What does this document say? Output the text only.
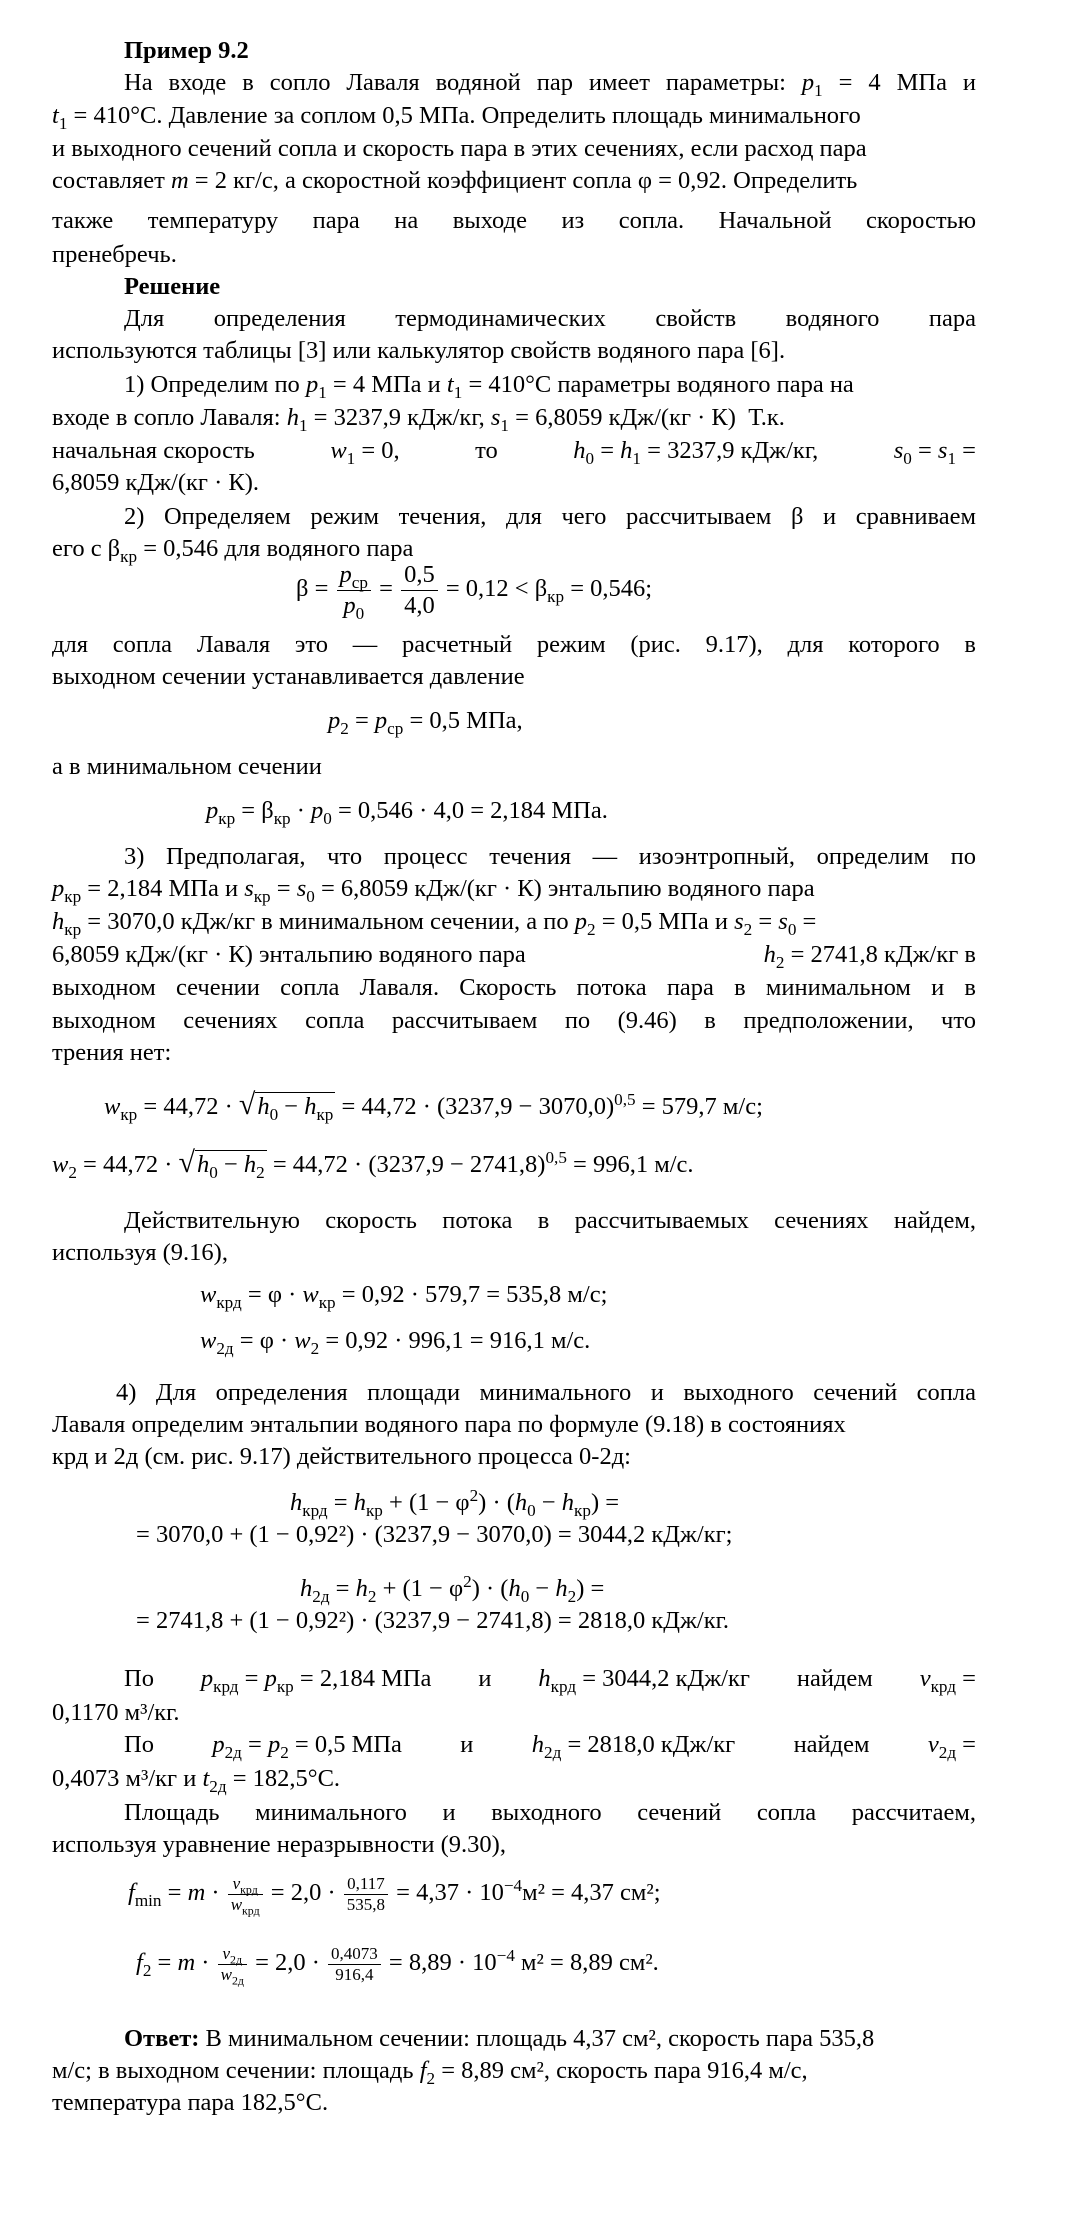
Пример 9.2
На входе в сопло Лаваля водяной пар имеет параметры: $p_1 = 4$ МПа и
$t_1 = 410^\circ С$. Давление за соплом 0,5 МПа. Определить площадь минимального
и выходного сечений сопла и скорость пара в этих сечениях, если расход пара
составляет m = 2 кг/с, а скоростной коэффициент сопла φ = 0,92. Определить
также температуру пара на выходе из сопла. Начальной скоростью
пренебречь.
Решение
Для определения термодинамических свойств водяного пара
используются таблицы [3] или калькулятор свойств водяного пара [6].
1) Определим по $p_1 = 4$ МПа и $t_1 = 410^\circ С$ параметры водяного пара на
входе в сопло Лаваля: $h_1 = 3237,9$ кДж/кг, $s_1 = 6,8059$ кДж/(кг · К) Т.к.
начальная скорость	$w_1 = 0$,	то	$h_0 = h_1 = 3237,9$ кДж/кг,	$s_0 = s_1$ =
6,8059 кДж/(кг · К).
2) Определяем режим течения, для чего рассчитываем β и сравниваем
его с $\beta_{кр} = 0,546$ для водяного пара
$\beta = \frac{p_{ср}}{p_0} = \frac{0,5}{4,0} = 0,12 < \beta_{кр} = 0,546$;
для сопла Лаваля это — расчетный режим (рис. 9.17), для которого в
выходном сечении устанавливается давление
$p_2 = p_{ср} = 0,5$ МПа,
а в минимальном сечении
$p_{кр} = \beta_{кр} \cdot p_0 = 0,546 \cdot 4,0 = 2,184$ МПа.
3) Предполагая, что процесс течения — изоэнтропный, определим по
$p_{кр} = 2,184$ МПа и $s_{кр} = s_0 = 6,8059$ кДж/(кг · К) энтальпию водяного пара
$h_{кр} = 3070,0$ кДж/кг в минимальном сечении, а по $p_2 = 0,5$ МПа и $s_2 = s_0$ =
6,8059 кДж/(кг · К) энтальпию водяного пара	$h_2 = 2741,8$ кДж/кг в
выходном сечении сопла Лаваля. Скорость потока пара в минимальном и в
выходном сечениях сопла рассчитываем по (9.46) в предположении, что
трения нет:
$w_{кр} = 44,72 \cdot √h_0 - h_{кр} = 44,72 \cdot (3237,9 - 3070,0)^{0,5} = 579,7$ м/с;
$w_2 = 44,72 \cdot √h_0 - h_2 = 44,72 \cdot (3237,9 - 2741,8)^{0,5} = 996,1$ м/с.
Действительную скорость потока в рассчитываемых сечениях найдем,
используя (9.16),
$w_{крд} = \varphi \cdot w_{кр} = 0,92 \cdot 579,7 = 535,8$ м/с;
$w_{2д} = \varphi \cdot w_2 = 0,92 \cdot 996,1 = 916,1$ м/с.
4) Для определения площади минимального и выходного сечений сопла
Лаваля определим энтальпии водяного пара по формуле (9.18) в состояниях
крд и 2д (см. рис. 9.17) действительного процесса 0-2д:
$h_{крд} = h_{кр} + (1 - \varphi^2) \cdot (h_0 - h_{кр})$ =
= 3070,0 + (1 − 0,92²) · (3237,9 − 3070,0) = 3044,2 кДж/кг;
$h_{2д} = h_2 + (1 - \varphi^2) \cdot (h_0 - h_2)$ =
= 2741,8 + (1 − 0,92²) · (3237,9 − 2741,8) = 2818,0 кДж/кг.
По $p_{крд} = p_{кр} = 2,184$ МПа и $h_{крд} = 3044,2$ кДж/кг найдем $v_{крд}$ =
0,1170 м³/кг.
По $p_{2д} = p_2 = 0,5$ МПа и $h_{2д} = 2818,0$ кДж/кг найдем $v_{2д}$ =
0,4073 м³/кг и $t_{2д} = 182,5^\circ С$.
Площадь минимального и выходного сечений сопла рассчитаем,
используя уравнение неразрывности (9.30),
$f_{min} = m \cdot \frac{v_{крд}}{w_{крд}} = 2,0 \cdot \frac{0,117}{535,8} = 4,37 \cdot 10^{-4}м^2 = 4,37$ см²;
$f_2 = m \cdot \frac{v_{2д}}{w_{2д}} = 2,0 \cdot \frac{0,4073}{916,4} = 8,89 \cdot 10^{-4}$ м² = 8,89 см².
Ответ: В минимальном сечении: площадь 4,37 см², скорость пара 535,8
м/с; в выходном сечении: площадь $f_2 = 8,89$ см², скорость пара 916,4 м/с,
температура пара 182,5°С.
